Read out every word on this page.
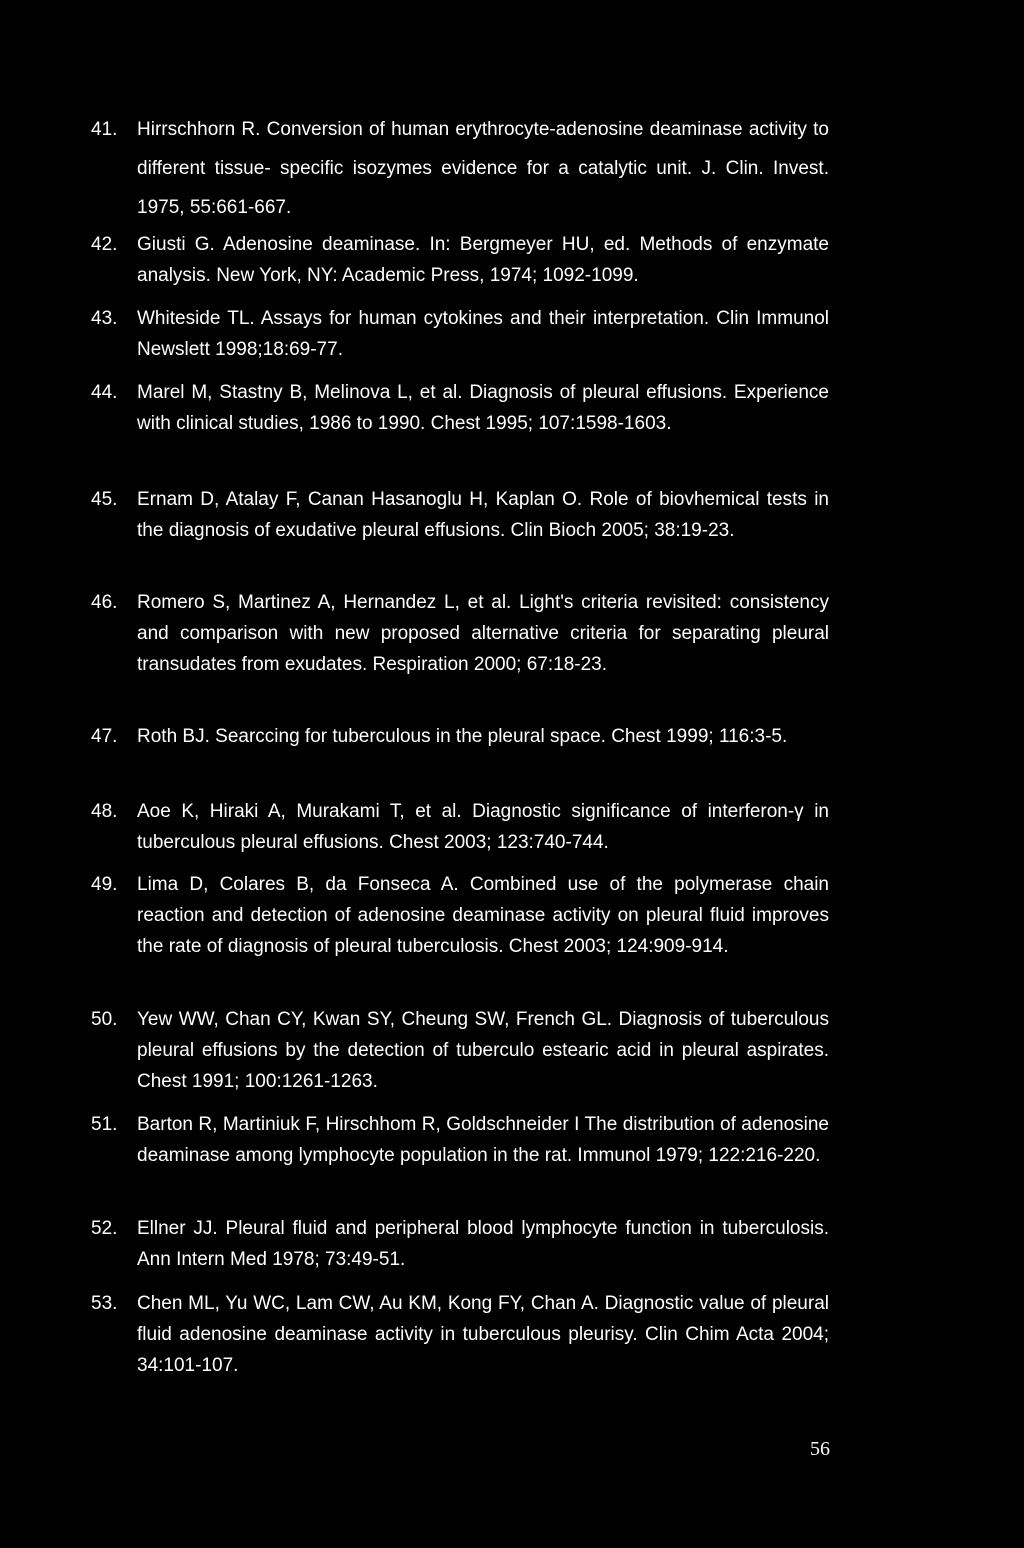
41. Hirrschhorn R. Conversion of human erythrocyte-adenosine deaminase activity to different tissue- specific isozymes evidence for a catalytic unit. J. Clin. Invest. 1975, 55:661-667.
42. Giusti G. Adenosine deaminase. In: Bergmeyer HU, ed. Methods of enzymate analysis. New York, NY: Academic Press, 1974; 1092-1099.
43. Whiteside TL. Assays for human cytokines and their interpretation. Clin Immunol Newslett 1998;18:69-77.
44. Marel M, Stastny B, Melinova L, et al. Diagnosis of pleural effusions. Experience with clinical studies, 1986 to 1990. Chest 1995; 107:1598-1603.
45. Ernam D, Atalay F, Canan Hasanoglu H, Kaplan O. Role of biovhemical tests in the diagnosis of exudative pleural effusions. Clin Bioch 2005; 38:19-23.
46. Romero S, Martinez A, Hernandez L, et al. Light's criteria revisited: consistency and comparison with new proposed alternative criteria for separating pleural transudates from exudates. Respiration 2000; 67:18-23.
47. Roth BJ. Searccing for tuberculous in the pleural space. Chest 1999; 116:3-5.
48. Aoe K, Hiraki A, Murakami T, et al. Diagnostic significance of interferon-γ in tuberculous pleural effusions. Chest 2003; 123:740-744.
49. Lima D, Colares B, da Fonseca A. Combined use of the polymerase chain reaction and detection of adenosine deaminase activity on pleural fluid improves the rate of diagnosis of pleural tuberculosis. Chest 2003; 124:909-914.
50. Yew WW, Chan CY, Kwan SY, Cheung SW, French GL. Diagnosis of tuberculous pleural effusions by the detection of tuberculo estearic acid in pleural aspirates. Chest 1991; 100:1261-1263.
51. Barton R, Martiniuk F, Hirschhom R, Goldschneider I The distribution of adenosine deaminase among lymphocyte population in the rat. Immunol 1979; 122:216-220.
52. Ellner JJ. Pleural fluid and peripheral blood lymphocyte function in tuberculosis. Ann Intern Med 1978; 73:49-51.
53. Chen ML, Yu WC, Lam CW, Au KM, Kong FY, Chan A. Diagnostic value of pleural fluid adenosine deaminase activity in tuberculous pleurisy. Clin Chim Acta 2004; 34:101-107.
56
